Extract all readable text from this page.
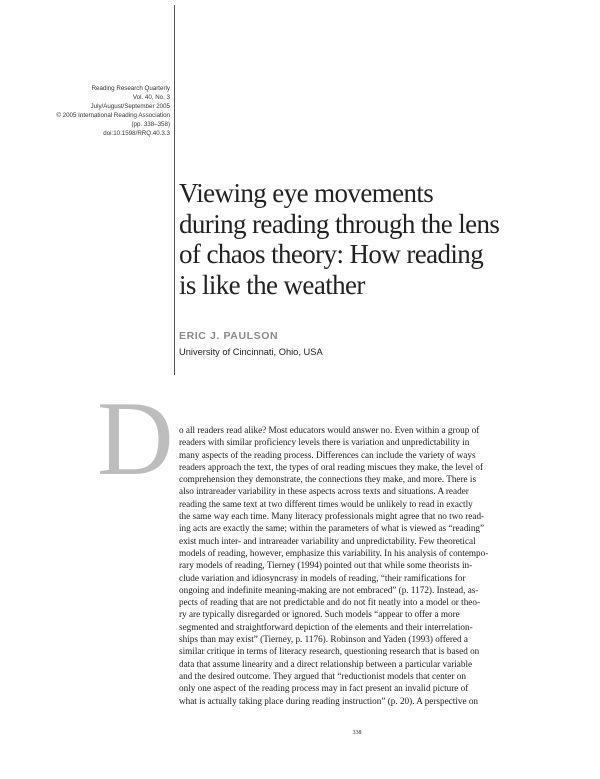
Reading Research Quarterly
Vol. 40, No. 3
July/August/September 2005
© 2005 International Reading Association
(pp. 338–358)
doi:10.1598/RRQ.40.3.3
Viewing eye movements
during reading through the lens
of chaos theory: How reading
is like the weather
ERIC J. PAULSON
University of Cincinnati, Ohio, USA
D o all readers read alike? Most educators would answer no. Even within a group of
readers with similar proficiency levels there is variation and unpredictability in
many aspects of the reading process. Differences can include the variety of ways
readers approach the text, the types of oral reading miscues they make, the level of
comprehension they demonstrate, the connections they make, and more. There is
also intrareader variability in these aspects across texts and situations. A reader
reading the same text at two different times would be unlikely to read in exactly
the same way each time. Many literacy professionals might agree that no two read-
ing acts are exactly the same; within the parameters of what is viewed as “reading”
exist much inter- and intrareader variability and unpredictability. Few theoretical
models of reading, however, emphasize this variability. In his analysis of contempo-
rary models of reading, Tierney (1994) pointed out that while some theorists in-
clude variation and idiosyncrasy in models of reading, “their ramifications for
ongoing and indefinite meaning-making are not embraced” (p. 1172). Instead, as-
pects of reading that are not predictable and do not fit neatly into a model or theo-
ry are typically disregarded or ignored. Such models “appear to offer a more
segmented and straightforward depiction of the elements and their interrelation-
ships than may exist” (Tierney, p. 1176). Robinson and Yaden (1993) offered a
similar critique in terms of literacy research, questioning research that is based on
data that assume linearity and a direct relationship between a particular variable
and the desired outcome. They argued that “reductionist models that center on
only one aspect of the reading process may in fact present an invalid picture of
what is actually taking place during reading instruction” (p. 20). A perspective on
338
